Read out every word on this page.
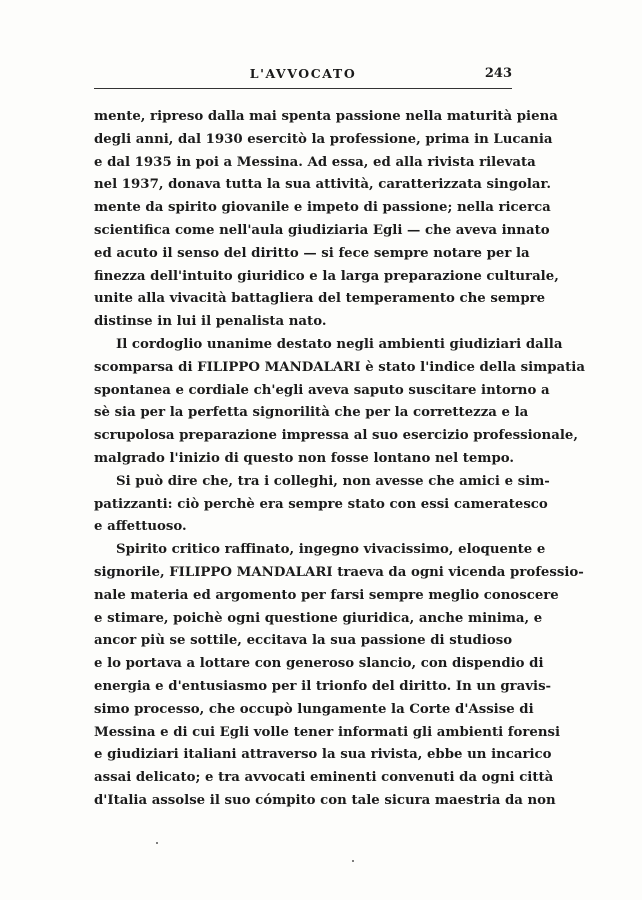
L'AVVOCATO	243
mente, ripreso dalla mai spenta passione nella maturità piena
degli anni, dal 1930 esercitò la professione, prima in Lucania
e dal 1935 in poi a Messina. Ad essa, ed alla rivista rilevata
nel 1937, donava tutta la sua attività, caratterizzata singolar.
mente da spirito giovanile e impeto di passione; nella ricerca
scientifica come nell'aula giudiziaria Egli — che aveva innato
ed acuto il senso del diritto — si fece sempre notare per la
finezza dell'intuito giuridico e la larga preparazione culturale,
unite alla vivacità battagliera del temperamento che sempre
distinse in lui il penalista nato.
Il cordoglio unanime destato negli ambienti giudiziari dalla
scomparsa di FILIPPO MANDALARI è stato l'indice della simpatia
spontanea e cordiale ch'egli aveva saputo suscitare intorno a
sè sia per la perfetta signorilità che per la correttezza e la
scrupolosa preparazione impressa al suo esercizio professionale,
malgrado l'inizio di questo non fosse lontano nel tempo.
Si può dire che, tra i colleghi, non avesse che amici e sim-
patizzanti: ciò perchè era sempre stato con essi cameratesco
e affettuoso.
Spirito critico raffinato, ingegno vivacissimo, eloquente e
signorile, FILIPPO MANDALARI traeva da ogni vicenda professio-
nale materia ed argomento per farsi sempre meglio conoscere
e stimare, poichè ogni questione giuridica, anche minima, e
ancor più se sottile, eccitava la sua passione di studioso
e lo portava a lottare con generoso slancio, con dispendio di
energia e d'entusiasmo per il trionfo del diritto. In un gravis-
simo processo, che occupò lungamente la Corte d'Assise di
Messina e di cui Egli volle tener informati gli ambienti forensi
e giudiziari italiani attraverso la sua rivista, ebbe un incarico
assai delicato; e tra avvocati eminenti convenuti da ogni città
d'Italia assolse il suo cómpito con tale sicura maestria da non
